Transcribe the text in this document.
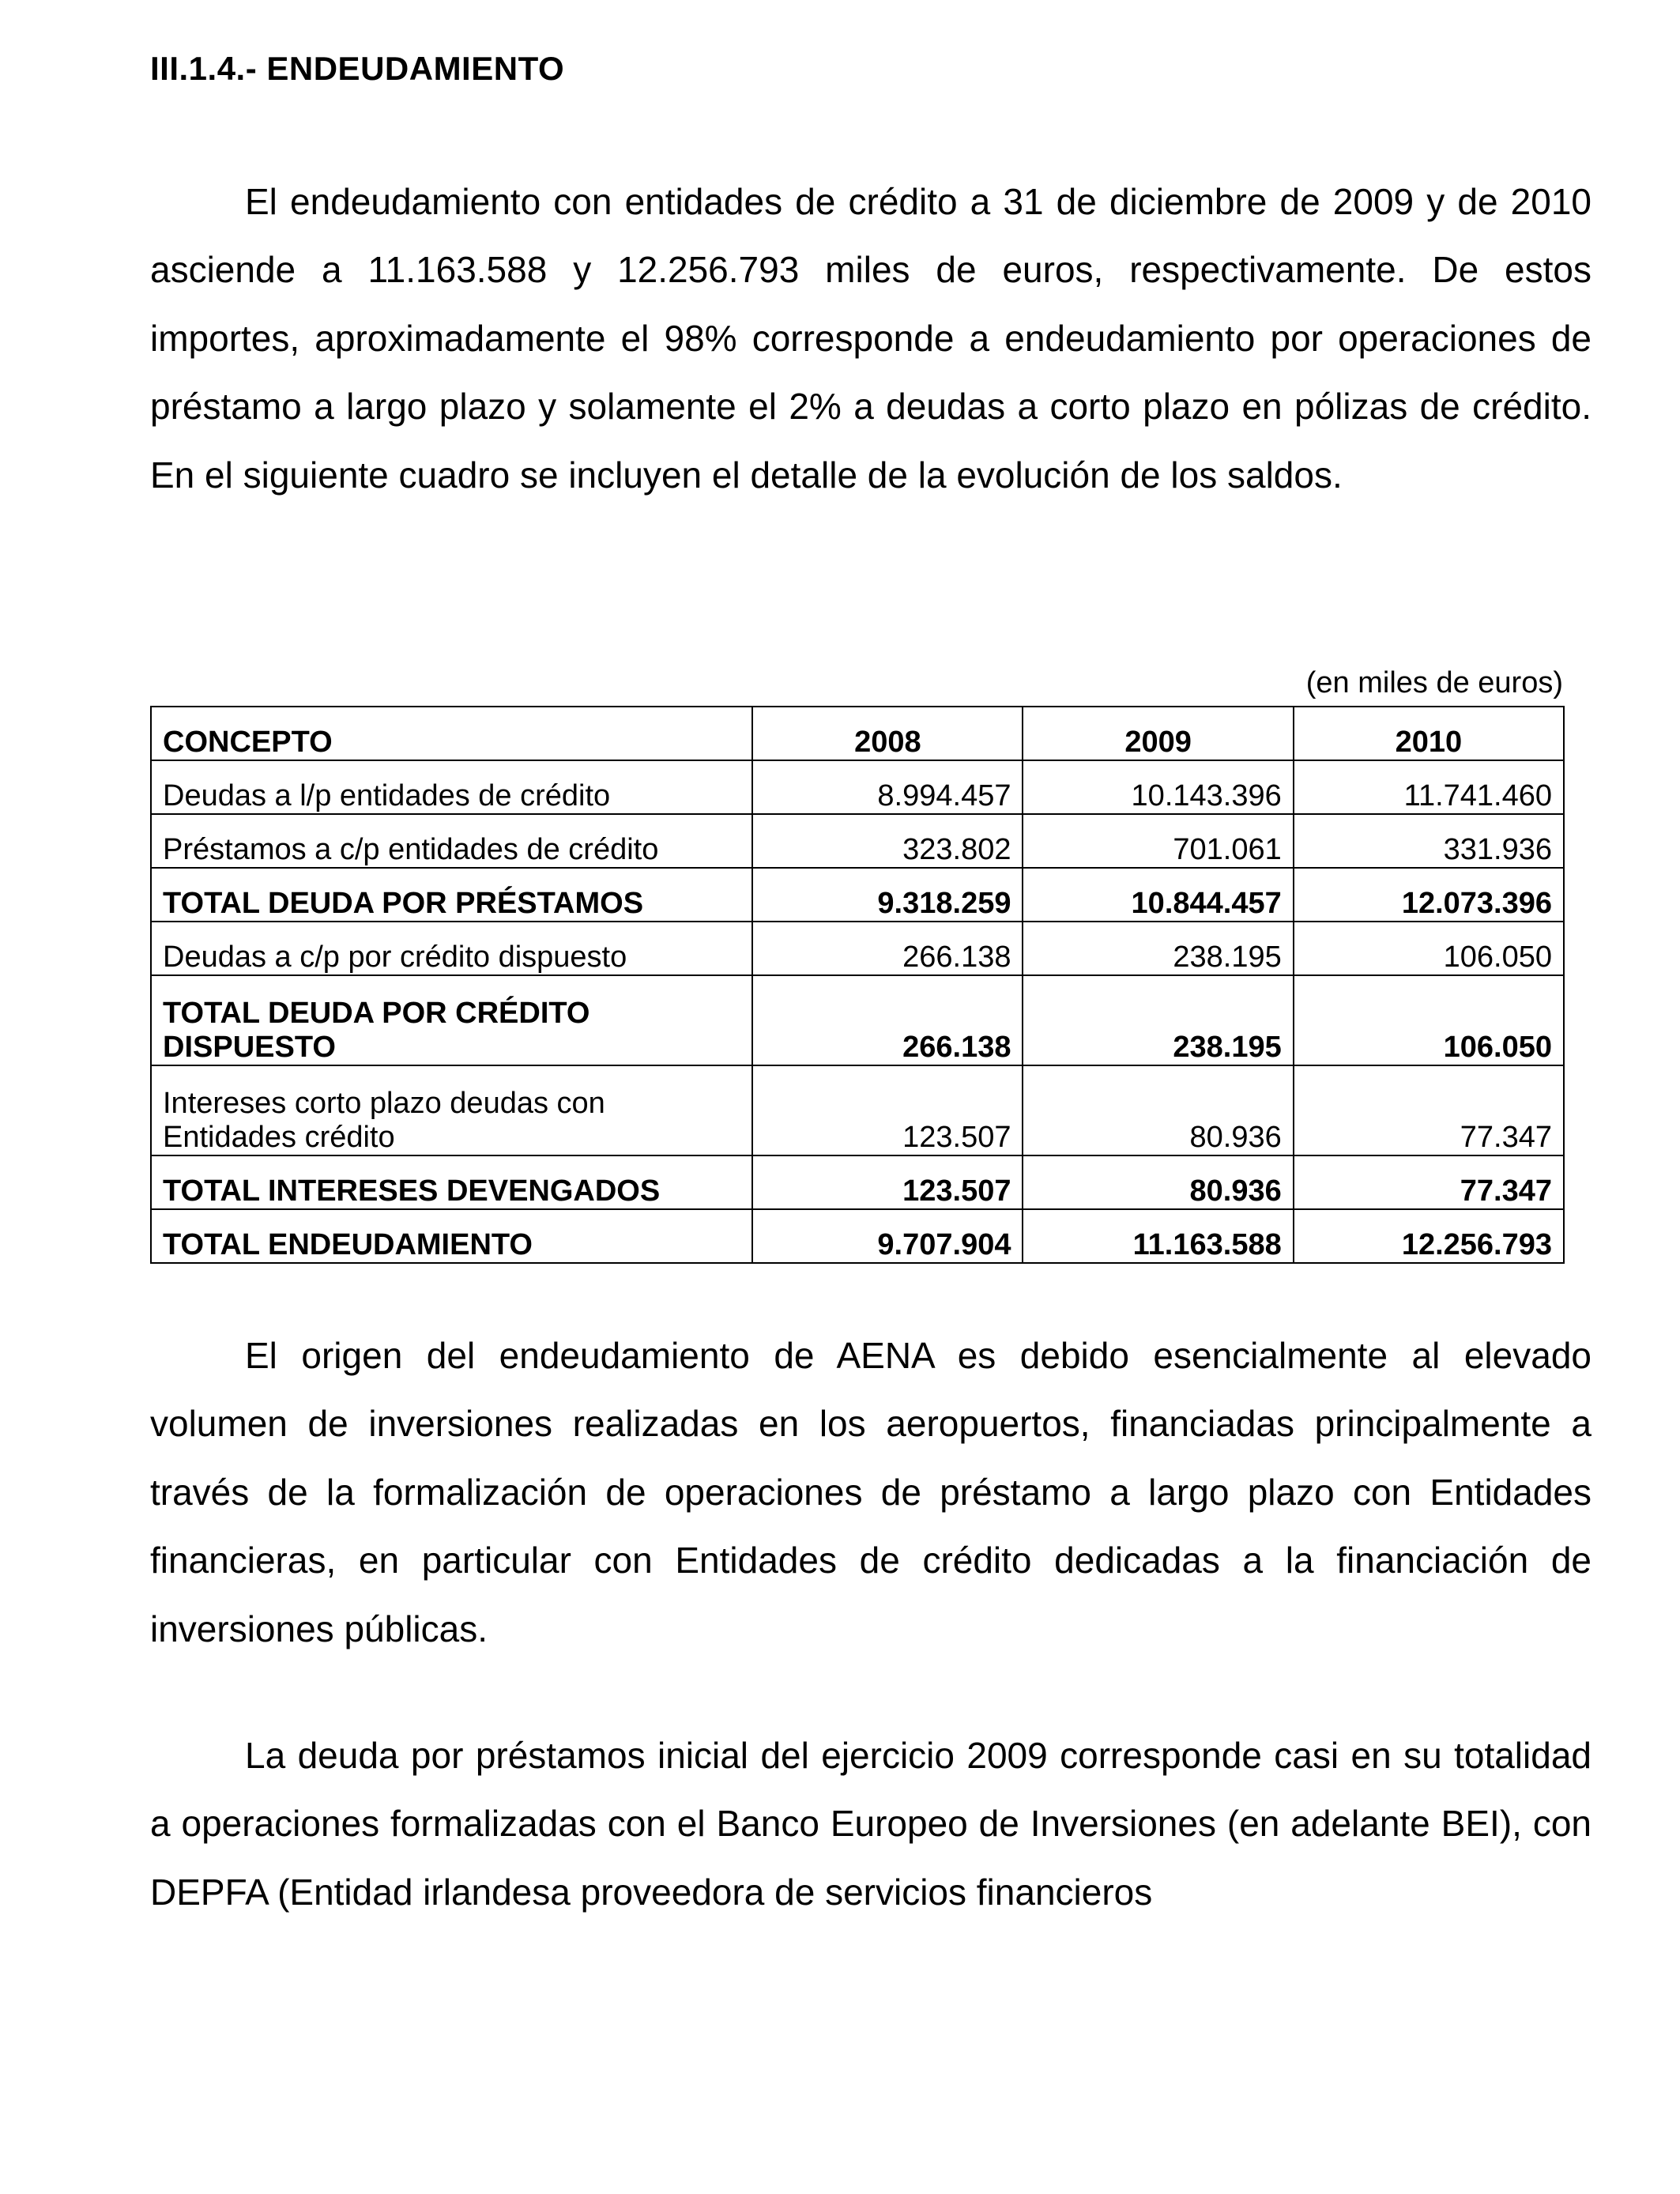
III.1.4.- ENDEUDAMIENTO

El endeudamiento con entidades de crédito a 31 de diciembre de 2009 y de 2010 asciende a 11.163.588 y 12.256.793 miles de euros, respectivamente. De estos importes, aproximadamente el 98% corresponde a endeudamiento por operaciones de préstamo a largo plazo y solamente el 2% a deudas a corto plazo en pólizas de crédito. En el siguiente cuadro se incluyen el detalle de la evolución de los saldos.

(en miles de euros)
CONCEPTO	2008	2009	2010
Deudas a l/p entidades de crédito	8.994.457	10.143.396	11.741.460
Préstamos a c/p entidades de crédito	323.802	701.061	331.936
TOTAL DEUDA POR PRÉSTAMOS	9.318.259	10.844.457	12.073.396
Deudas a c/p por crédito dispuesto	266.138	238.195	106.050
TOTAL DEUDA POR CRÉDITO
DISPUESTO	266.138	238.195	106.050
Intereses corto plazo deudas con
Entidades crédito	123.507	80.936	77.347
TOTAL INTERESES DEVENGADOS	123.507	80.936	77.347
TOTAL ENDEUDAMIENTO	9.707.904	11.163.588	12.256.793

El origen del endeudamiento de AENA es debido esencialmente al elevado volumen de inversiones realizadas en los aeropuertos, financiadas principalmente a través de la formalización de operaciones de préstamo a largo plazo con Entidades financieras, en particular con Entidades de crédito dedicadas a la financiación de inversiones públicas.

La deuda por préstamos inicial del ejercicio 2009 corresponde casi en su totalidad a operaciones formalizadas con el Banco Europeo de Inversiones (en adelante BEI), con DEPFA (Entidad irlandesa proveedora de servicios financieros
